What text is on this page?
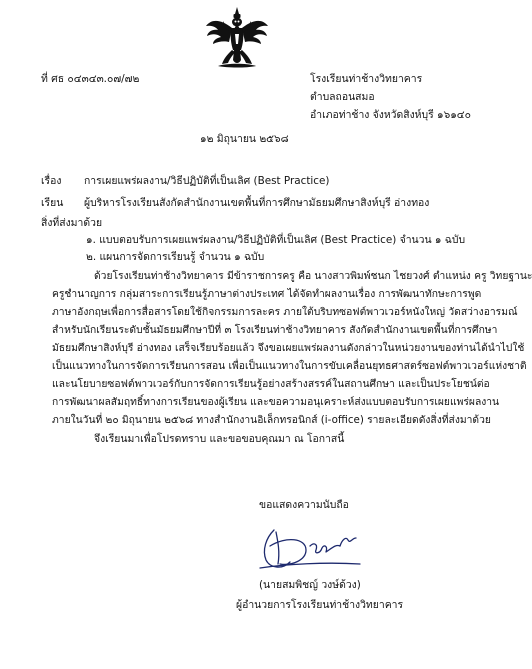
ที่ ศธ ๐๔๓๔๓.๐๗/๗๒	โรงเรียนท่าช้างวิทยาคาร
ตำบลถอนสมอ
อำเภอท่าช้าง จังหวัดสิงห์บุรี ๑๖๑๔๐
๑๒ มิถุนายน ๒๕๖๘
เรื่อง การเผยแพร่ผลงาน/วิธีปฏิบัติที่เป็นเลิศ (Best Practice)
เรียน ผู้บริหารโรงเรียนสังกัดสำนักงานเขตพื้นที่การศึกษามัธยมศึกษาสิงห์บุรี อ่างทอง
สิ่งที่ส่งมาด้วย
๑. แบบตอบรับการเผยแพร่ผลงาน/วิธีปฏิบัติที่เป็นเลิศ (Best Practice) จำนวน ๑ ฉบับ
๒. แผนการจัดการเรียนรู้ จำนวน ๑ ฉบับ
ด้วยโรงเรียนท่าช้างวิทยาคาร มีข้าราชการครู คือ นางสาวพิมพ์ชนก ไชยวงศ์ ตำแหน่ง ครู วิทยฐานะ
ครูชำนาญการ กลุ่มสาระการเรียนรู้ภาษาต่างประเทศ ได้จัดทำผลงานเรื่อง การพัฒนาทักษะการพูด
ภาษาอังกฤษเพื่อการสื่อสารโดยใช้กิจกรรมการละคร ภายใต้บริบทซอฟต์พาวเวอร์หนังใหญ่ วัดสว่างอารมณ์
สำหรับนักเรียนระดับชั้นมัธยมศึกษาปีที่ ๓ โรงเรียนท่าช้างวิทยาคาร สังกัดสำนักงานเขตพื้นที่การศึกษา
มัธยมศึกษาสิงห์บุรี อ่างทอง เสร็จเรียบร้อยแล้ว จึงขอเผยแพร่ผลงานดังกล่าวในหน่วยงานของท่านได้นำไปใช้
เป็นแนวทางในการจัดการเรียนการสอน เพื่อเป็นแนวทางในการขับเคลื่อนยุทธศาสตร์ซอฟต์พาวเวอร์แห่งชาติ
และนโยบายซอฟต์พาวเวอร์กับการจัดการเรียนรู้อย่างสร้างสรรค์ในสถานศึกษา และเป็นประโยชน์ต่อ
การพัฒนาผลสัมฤทธิ์ทางการเรียนของผู้เรียน และขอความอนุเคราะห์ส่งแบบตอบรับการเผยแพร่ผลงาน
ภายในวันที่ ๒๐ มิถุนายน ๒๕๖๘ ทางสำนักงานอิเล็กทรอนิกส์ (i-office) รายละเอียดดังสิ่งที่ส่งมาด้วย
จึงเรียนมาเพื่อโปรดทราบ และขอขอบคุณมา ณ โอกาสนี้
ขอแสดงความนับถือ
(นายสมพิชญ์ วงษ์ด้วง)
ผู้อำนวยการโรงเรียนท่าช้างวิทยาคาร
